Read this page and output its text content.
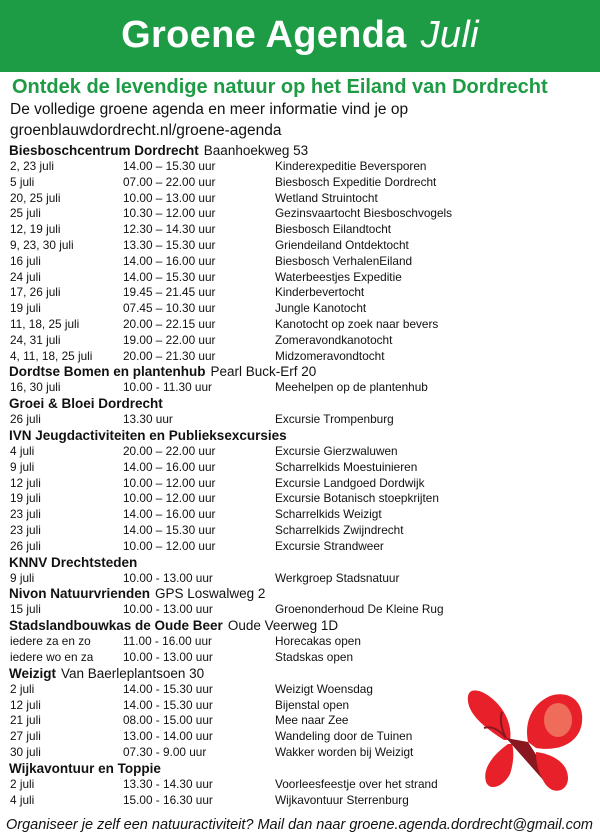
Groene Agenda Juli
Ontdek de levendige natuur op het Eiland van Dordrecht
De volledige groene agenda en meer informatie vind je op
groenblauwdordrecht.nl/groene-agenda
Biesboschcentrum Dordrecht Baanhoekweg 53
2, 23 juli	14.00 – 15.30 uur	Kinderexpeditie Beversporen
5 juli	07.00 – 22.00 uur	Biesbosch Expeditie Dordrecht
20, 25 juli	10.00 – 13.00 uur	Wetland Struintocht
25 juli	10.30 – 12.00 uur	Gezinsvaartocht Biesboschvogels
12, 19 juli	12.30 – 14.30 uur	Biesbosch Eilandtocht
9, 23, 30 juli	13.30 – 15.30 uur	Griendeiland Ontdektocht
16 juli	14.00 – 16.00 uur	Biesbosch VerhalenEiland
24 juli	14.00 – 15.30 uur	Waterbeestjes Expeditie
17, 26 juli	19.45 – 21.45 uur	Kinderbevertocht
19 juli	07.45 – 10.30 uur	Jungle Kanotocht
11, 18, 25 juli	20.00 – 22.15 uur	Kanotocht op zoek naar bevers
24, 31 juli	19.00 – 22.00 uur	Zomeravondkanotocht
4, 11, 18, 25 juli	20.00 – 21.30 uur	Midzomeravondtocht
Dordtse Bomen en plantenhub Pearl Buck-Erf 20
16, 30 juli	10.00 - 11.30 uur	Meehelpen op de plantenhub
Groei & Bloei Dordrecht
26 juli	13.30 uur	Excursie Trompenburg
IVN Jeugdactiviteiten en Publieksexcursies
4 juli	20.00 – 22.00 uur	Excursie Gierzwaluwen
9 juli	14.00 – 16.00 uur	Scharrelkids Moestuinieren
12 juli	10.00 – 12.00 uur	Excursie Landgoed Dordwijk
19 juli	10.00 – 12.00 uur	Excursie Botanisch stoepkrijten
23 juli	14.00 – 16.00 uur	Scharrelkids Weizigt
23 juli	14.00 – 15.30 uur	Scharrelkids Zwijndrecht
26 juli	10.00 – 12.00 uur	Excursie Strandweer
KNNV Drechtsteden
9 juli	10.00 - 13.00 uur	Werkgroep Stadsnatuur
Nivon Natuurvrienden GPS Loswalweg 2
15 juli	10.00 - 13.00 uur	Groenonderhoud De Kleine Rug
Stadslandbouwkas de Oude Beer Oude Veerweg 1D
iedere za en zo	11.00 - 16.00 uur	Horecakas open
iedere wo en za	10.00 - 13.00 uur	Stadskas open
Weizigt Van Baerleplantsoen 30
2 juli	14.00 - 15.30 uur	Weizigt Woensdag
12 juli	14.00 - 15.30 uur	Bijenstal open
21 juli	08.00 - 15.00 uur	Mee naar Zee
27 juli	13.00 - 14.00 uur	Wandeling door de Tuinen
30 juli	07.30 - 9.00 uur	Wakker worden bij Weizigt
Wijkavontuur en Toppie
2 juli	13.30 - 14.30 uur	Voorleesfeestje over het strand
4 juli	15.00 - 16.30 uur	Wijkavontuur Sterrenburg
Organiseer je zelf een natuuractiviteit? Mail dan naar groene.agenda.dordrecht@gmail.com
